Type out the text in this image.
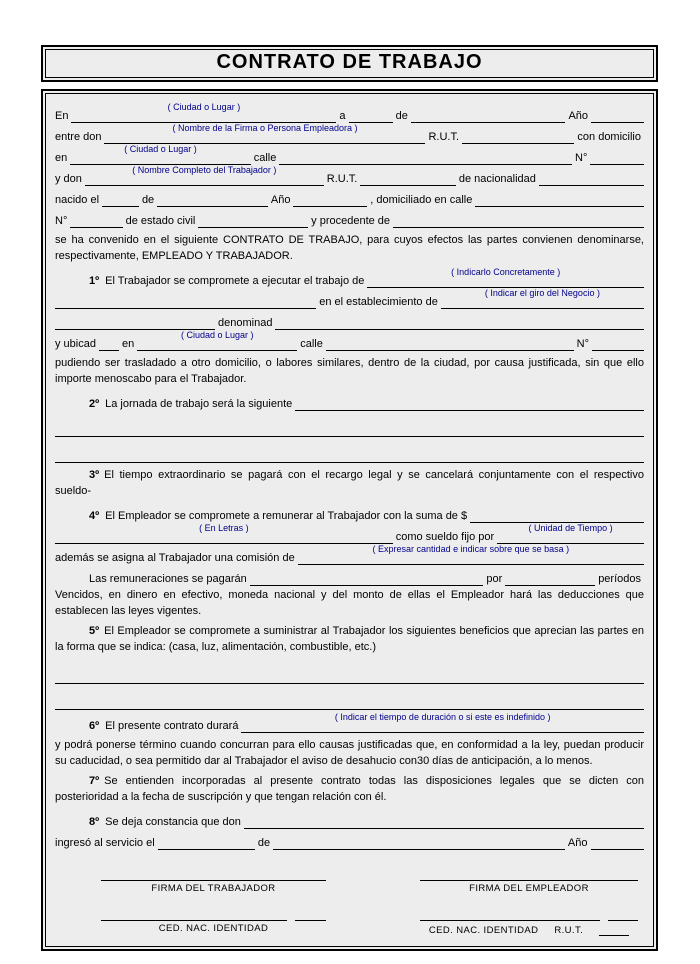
CONTRATO DE TRABAJO
En
( Ciudad o Lugar )
a	de	Año
entre don
( Nombre de la Firma o Persona Empleadora )
R.U.T.	con domicilio
en
( Ciudad o Lugar )
calle	N°
y don
( Nombre Completo del Trabajador )
R.U.T.	de nacionalidad
nacido el	de	Año	, domiciliado en calle
N°	de estado civil	y procedente de

se ha convenido en el siguiente CONTRATO DE TRABAJO, para cuyos efectos las partes convienen denominarse, respectivamente, EMPLEADO Y TRABAJADOR.

1º El Trabajador se compromete a ejecutar el trabajo de
( Indicarlo Concretamente )
en el establecimiento de
( Indicar el giro del Negocio )
denominad
y ubicad en
( Ciudad o Lugar )
calle	N°

pudiendo ser trasladado a otro domicilio, o labores similares, dentro de la ciudad, por causa justificada, sin que ello importe menoscabo para el Trabajador.

2º La jornada de trabajo será la siguiente

3º El tiempo extraordinario se pagará con el recargo legal y se cancelará conjuntamente con el respectivo sueldo-

4º El Empleador se compromete a remunerar al Trabajador con la suma de $
( En Letras )
como sueldo fijo por
( Unidad de Tiempo )
además se asigna al Trabajador una comisión de
( Expresar cantidad e indicar sobre que se basa )
Las remuneraciones se pagarán	por	períodos

Vencidos, en dinero en efectivo, moneda nacional y del monto de ellas el Empleador hará las deducciones que establecen las leyes vigentes.

5º El Empleador se compromete a suministrar al Trabajador los siguientes beneficios que aprecian las partes en la forma que se indica: (casa, luz, alimentación, combustible, etc.)

6º El presente contrato durará
( Indicar el tiempo de duración o si este es indefinido )

y podrá ponerse término cuando concurran para ello causas justificadas que, en conformidad a la ley, puedan producir su caducidad, o sea permitido dar al Trabajador el aviso de desahucio con30 días de anticipación, a lo menos.

7º Se entienden incorporadas al presente contrato todas las disposiciones legales que se dicten con posterioridad a la fecha de suscripción y que tengan relación con él.

8º Se deja constancia que don
ingresó al servicio el	de	Año
FIRMA DEL TRABAJADOR
CED. NAC. IDENTIDAD
FIRMA DEL EMPLEADOR
CED. NAC. IDENTIDAD R.U.T.
